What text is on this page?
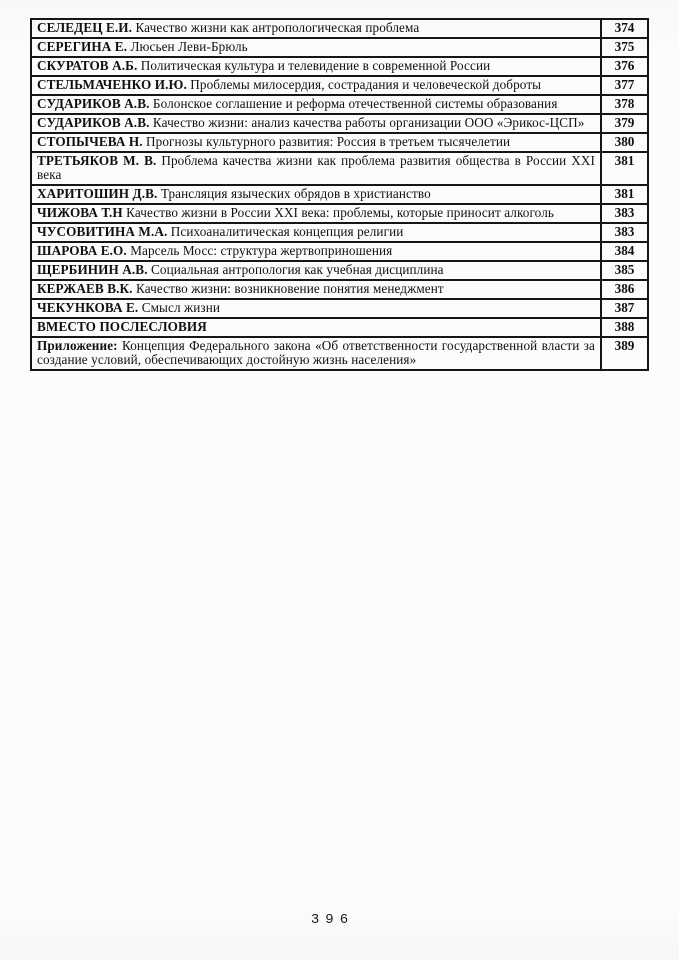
СЕЛЕДЕЦ Е.И. Качество жизни как антропологическая проблема	374
СЕРЕГИНА Е. Люсьен Леви-Брюль	375
СКУРАТОВ А.Б. Политическая культура и телевидение в современной России	376
СТЕЛЬМАЧЕНКО И.Ю. Проблемы милосердия, сострадания и человеческой доброты	377
СУДАРИКОВ А.В. Болонское соглашение и реформа отечественной системы образования	378
СУДАРИКОВ А.В. Качество жизни: анализ качества работы организации ООО «Эрикос-ЦСП»	379
СТОПЫЧЕВА Н. Прогнозы культурного развития: Россия в третьем тысячелетии	380
ТРЕТЬЯКОВ М. В. Проблема качества жизни как проблема развития общества в России XXI века	381
ХАРИТОШИН Д.В. Трансляция языческих обрядов в христианство	381
ЧИЖОВА Т.Н Качество жизни в России XXI века: проблемы, которые приносит алкоголь	383
ЧУСОВИТИНА М.А. Психоаналитическая концепция религии	383
ШАРОВА Е.О. Марсель Мосс: структура жертвоприношения	384
ЩЕРБИНИН А.В. Социальная антропология как учебная дисциплина	385
КЕРЖАЕВ В.К. Качество жизни: возникновение понятия менеджмент	386
ЧЕКУНКОВА Е. Смысл жизни	387
ВМЕСТО ПОСЛЕСЛОВИЯ	388
Приложение: Концепция Федерального закона «Об ответственности государственной власти за создание условий, обеспечивающих достойную жизнь населения»	389
396
